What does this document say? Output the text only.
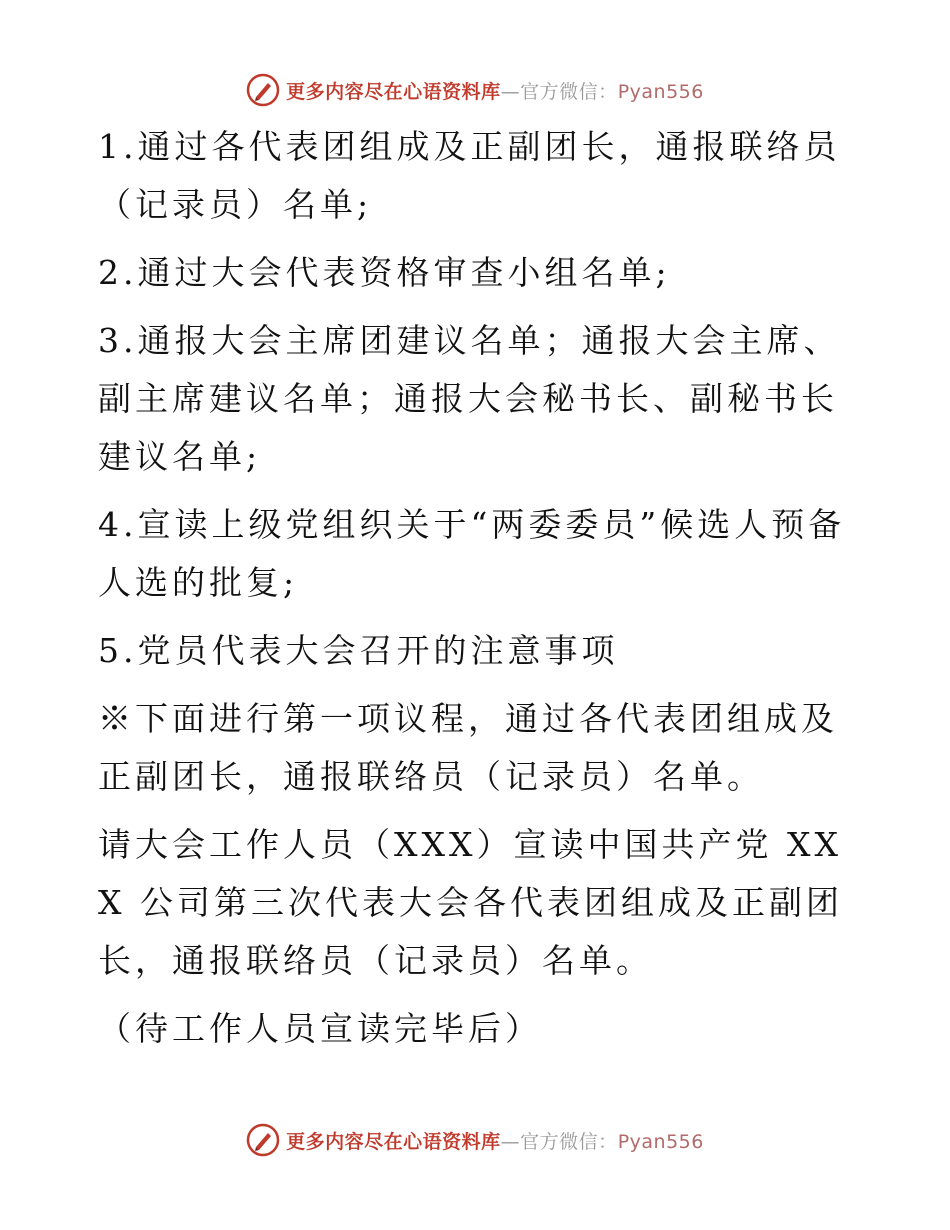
更多内容尽在心语资料库—官方微信：Pyan556

1.通过各代表团组成及正副团长，通报联络员（记录员）名单;

2.通过大会代表资格审查小组名单;

3.通报大会主席团建议名单；通报大会主席、副主席建议名单；通报大会秘书长、副秘书长建议名单;

4.宣读上级党组织关于“两委委员”候选人预备人选的批复;

5.党员代表大会召开的注意事项

※下面进行第一项议程，通过各代表团组成及正副团长，通报联络员（记录员）名单。

请大会工作人员（XXX）宣读中国共产党 XXX 公司第三次代表大会各代表团组成及正副团长，通报联络员（记录员）名单。

（待工作人员宣读完毕后）

更多内容尽在心语资料库—官方微信：Pyan556
